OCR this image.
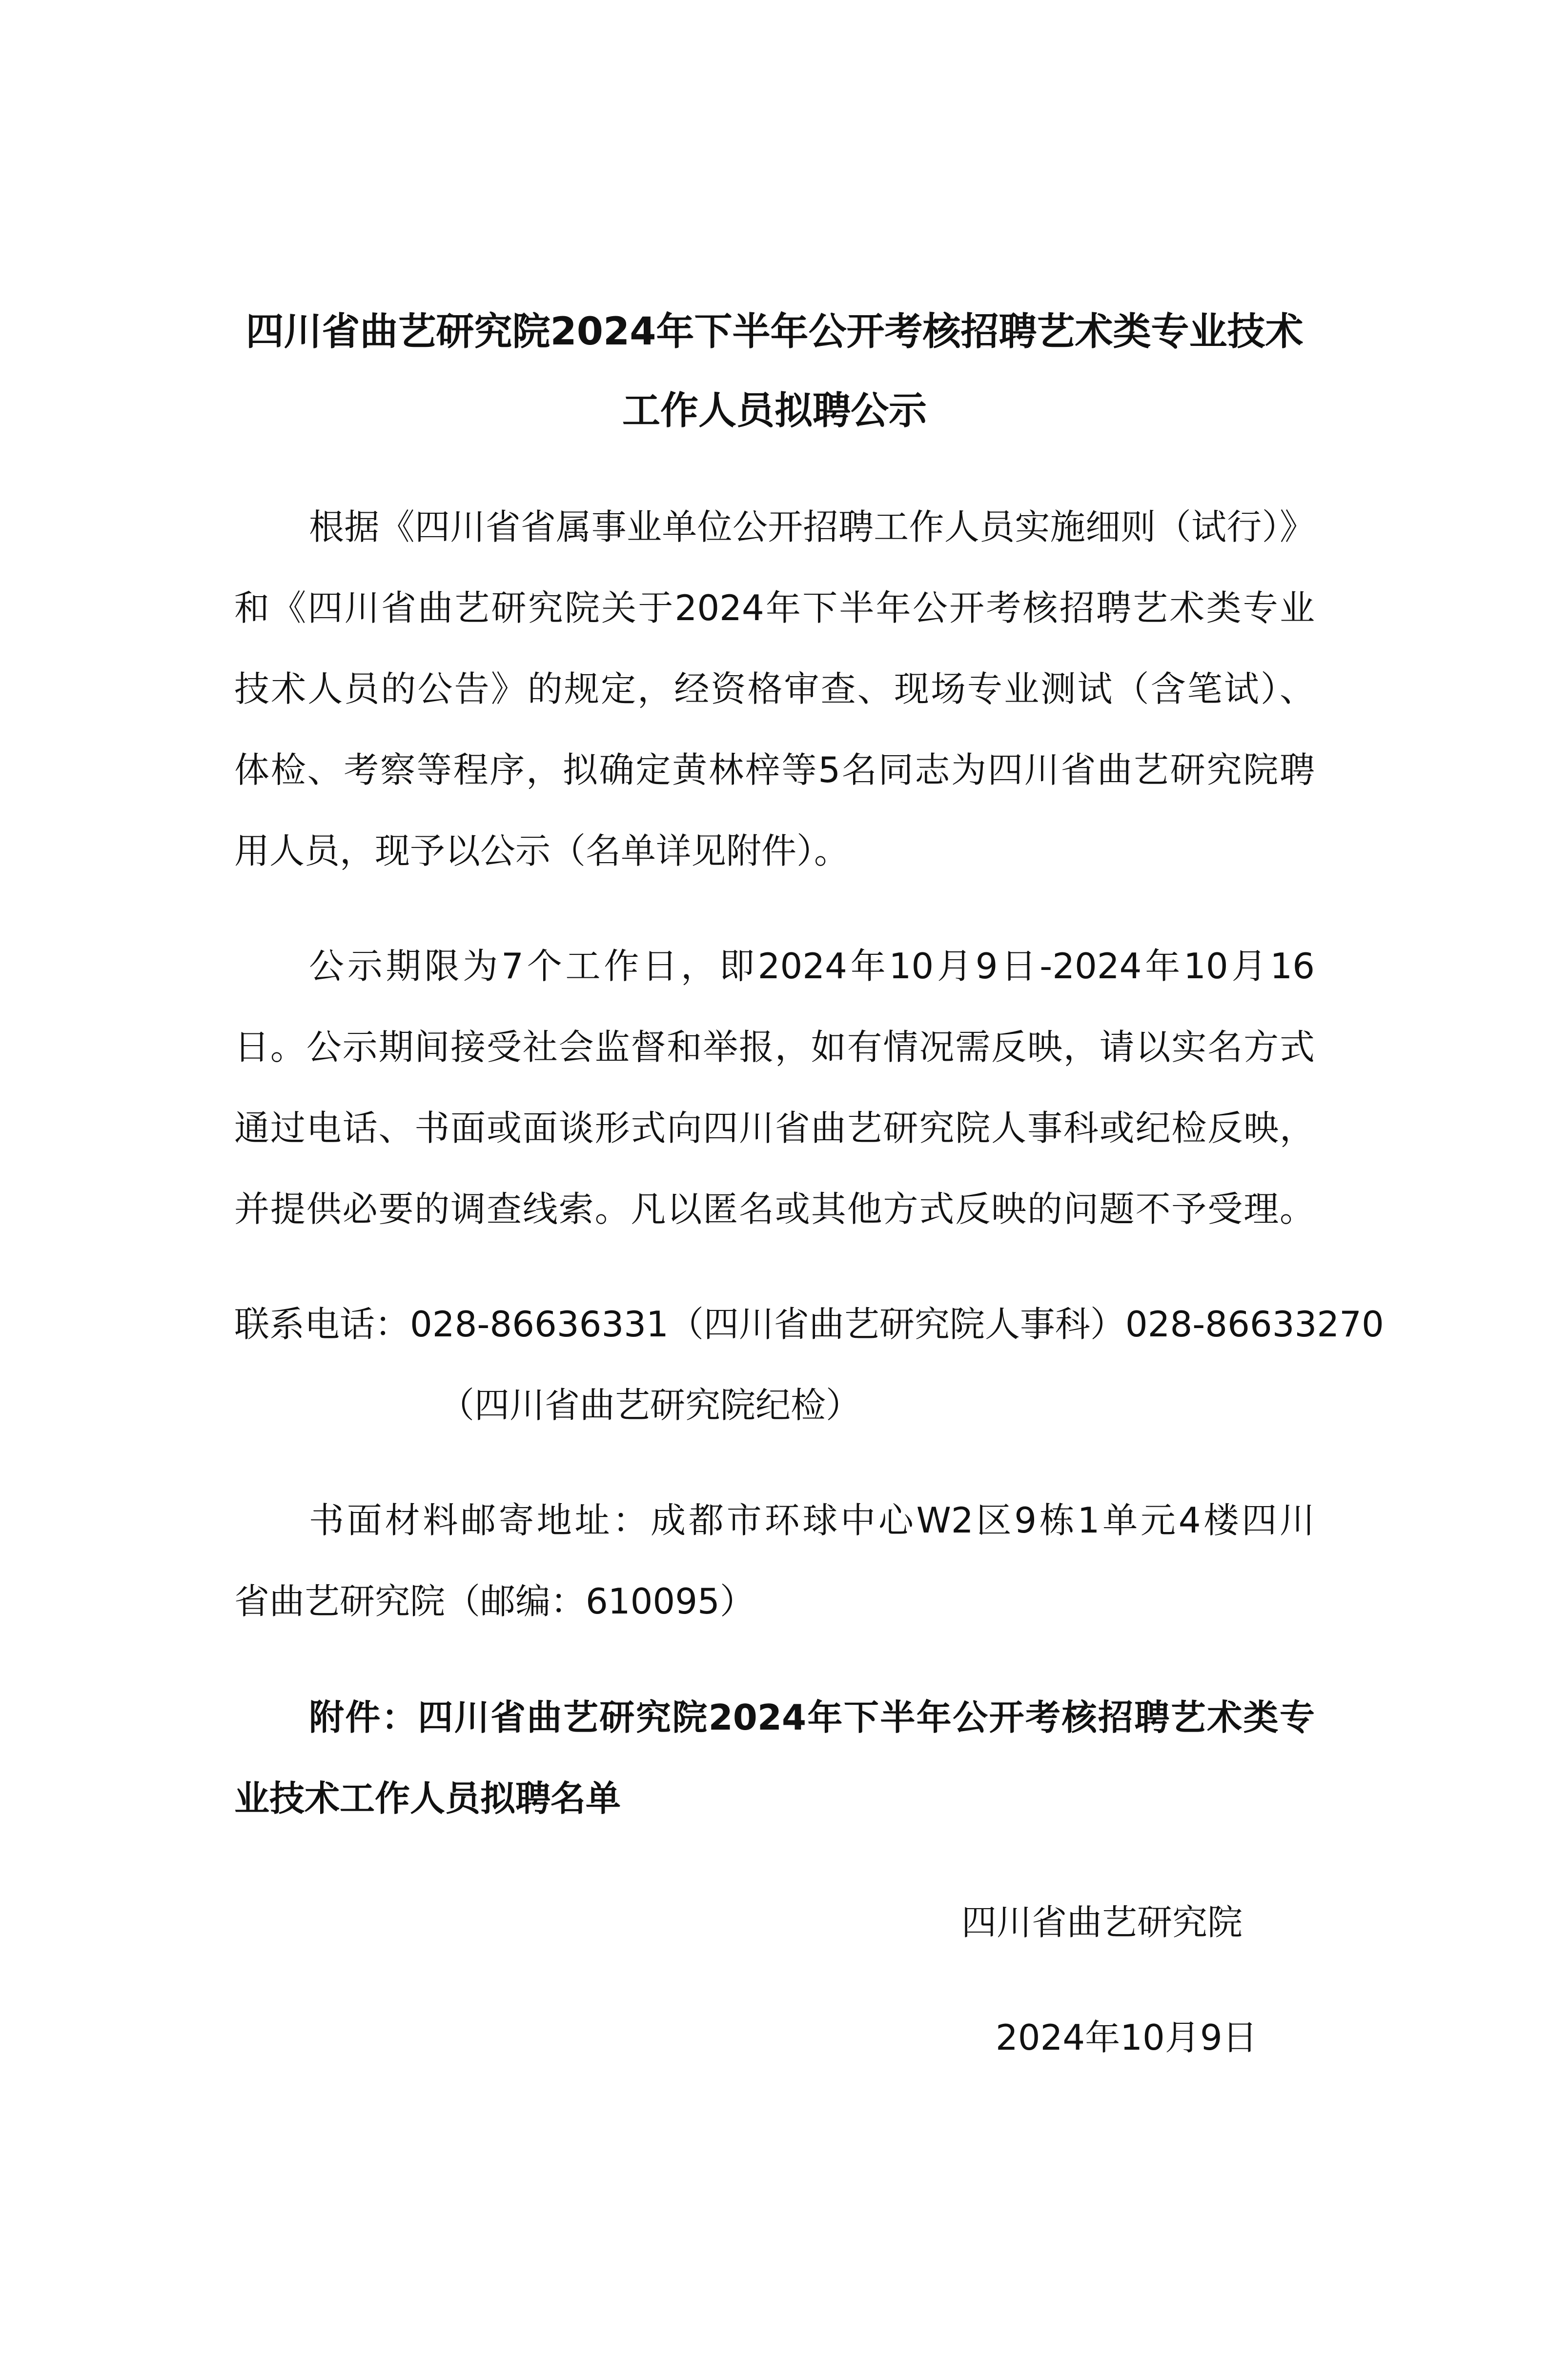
四川省曲艺研究院2024年下半年公开考核招聘艺术类专业技术
工作人员拟聘公示
根据《四川省省属事业单位公开招聘工作人员实施细则（试行）》
和《四川省曲艺研究院关于2024年下半年公开考核招聘艺术类专业
技术人员的公告》的规定，经资格审查、现场专业测试（含笔试）、
体检、考察等程序，拟确定黄林梓等5名同志为四川省曲艺研究院聘
用人员，现予以公示（名单详见附件）。
公示期限为7个工作日，即2024年10月9日-2024年10月16
日。公示期间接受社会监督和举报，如有情况需反映，请以实名方式
通过电话、书面或面谈形式向四川省曲艺研究院人事科或纪检反映，
并提供必要的调查线索。凡以匿名或其他方式反映的问题不予受理。
联系电话：028-86636331（四川省曲艺研究院人事科）028-86633270
（四川省曲艺研究院纪检）
书面材料邮寄地址：成都市环球中心W2区9栋1单元4楼四川
省曲艺研究院（邮编：610095）
附件：四川省曲艺研究院2024年下半年公开考核招聘艺术类专
业技术工作人员拟聘名单
四川省曲艺研究院
2024年10月9日
